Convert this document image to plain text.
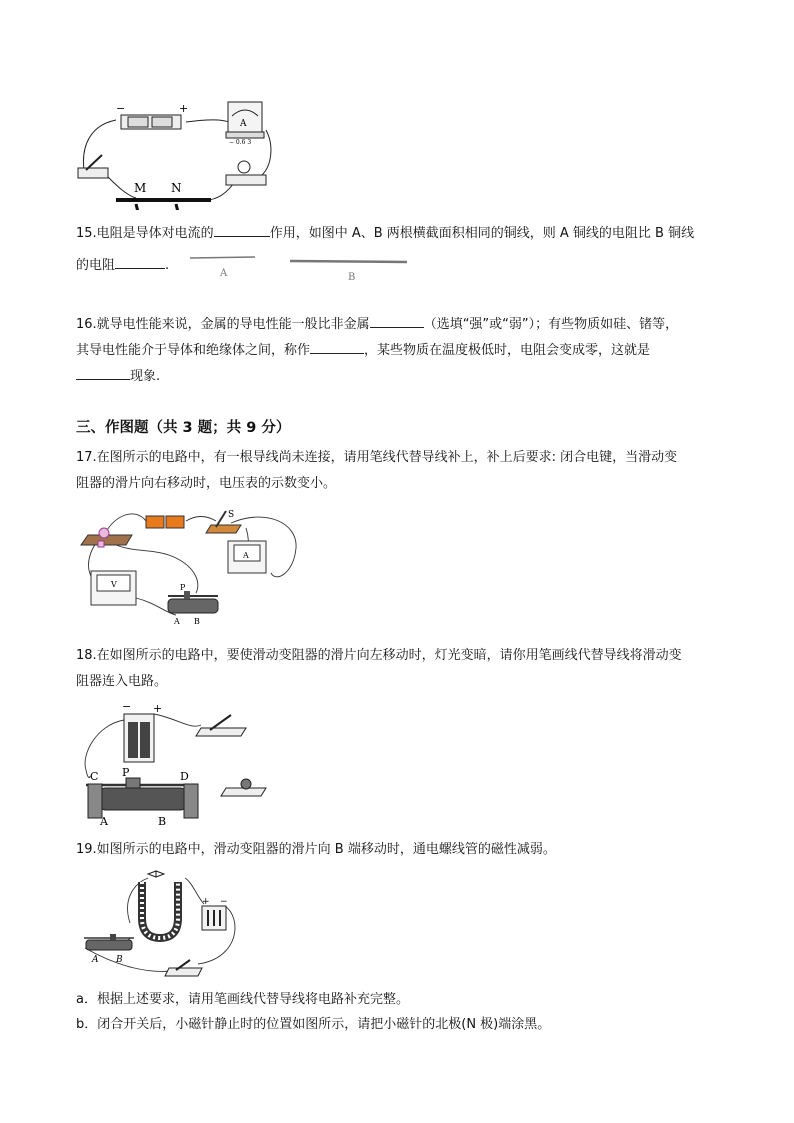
−	+
A
− 0.6 3
M N
15.电阻是导体对电流的	作用，如图中 A、B 两根横截面积相同的铜线，则 A 铜线的电阻比 B 铜线
的电阻	.
A	B
16.就导电性能来说，金属的导电性能一般比非金属	（选填“强”或“弱”）；有些物质如硅、锗等，
其导电性能介于导体和绝缘体之间，称作	，某些物质在温度极低时，电阻会变成零，这就是
现象.
三、作图题（共 3 题；共 9 分）
17.在图所示的电路中，有一根导线尚未连接，请用笔线代替导线补上，补上后要求: 闭合电键，当滑动变
阻器的滑片向右移动时，电压表的示数变小。
S
A
V	P
A B
18.在如图所示的电路中，要使滑动变阻器的滑片向左移动时，灯光变暗，请你用笔画线代替导线将滑动变
阻器连入电路。
− +
C P	D
A	B
19.如图所示的电路中，滑动变阻器的滑片向 B 端移动时，通电螺线管的磁性减弱。
+ −
A B
a．根据上述要求，请用笔画线代替导线将电路补充完整。
b．闭合开关后，小磁针静止时的位置如图所示，请把小磁针的北极(N 极)端涂黑。
